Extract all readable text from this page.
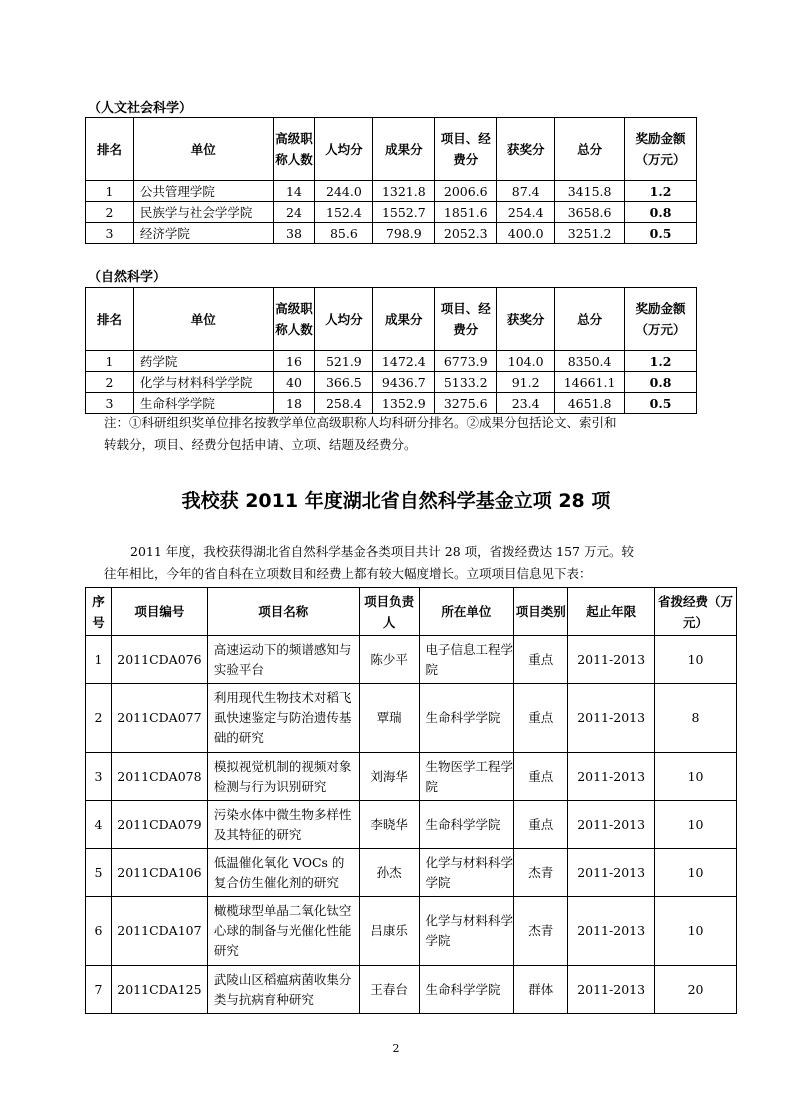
（人文社会科学）
排名	单位	高级职称人数	人均分	成果分	项目、经费分	获奖分	总分	奖励金额（万元）
1	公共管理学院	14	244.0	1321.8	2006.6	87.4	3415.8	1.2
2	民族学与社会学学院	24	152.4	1552.7	1851.6	254.4	3658.6	0.8
3	经济学院	38	85.6	798.9	2052.3	400.0	3251.2	0.5
（自然科学）
排名	单位	高级职称人数	人均分	成果分	项目、经费分	获奖分	总分	奖励金额（万元）
1	药学院	16	521.9	1472.4	6773.9	104.0	8350.4	1.2
2	化学与材料科学学院	40	366.5	9436.7	5133.2	91.2	14661.1	0.8
3	生命科学学院	18	258.4	1352.9	3275.6	23.4	4651.8	0.5
注：①科研组织奖单位排名按教学单位高级职称人均科研分排名。②成果分包括论文、索引和
转载分，项目、经费分包括申请、立项、结题及经费分。
我校获 2011 年度湖北省自然科学基金立项 28 项
2011 年度，我校获得湖北省自然科学基金各类项目共计 28 项，省拨经费达 157 万元。较
往年相比，今年的省自科在立项数目和经费上都有较大幅度增长。立项项目信息见下表：
序号	项目编号	项目名称	项目负责人	所在单位	项目类别	起止年限	省拨经费（万元）
1	2011CDA076	高速运动下的频谱感知与实验平台	陈少平	电子信息工程学院	重点	2011-2013	10
2	2011CDA077	利用现代生物技术对稻飞虱快速鉴定与防治遗传基础的研究	覃瑞	生命科学学院	重点	2011-2013	8
3	2011CDA078	模拟视觉机制的视频对象检测与行为识别研究	刘海华	生物医学工程学院	重点	2011-2013	10
4	2011CDA079	污染水体中微生物多样性及其特征的研究	李晓华	生命科学学院	重点	2011-2013	10
5	2011CDA106	低温催化氧化 VOCs 的复合仿生催化剂的研究	孙杰	化学与材料科学学院	杰青	2011-2013	10
6	2011CDA107	橄榄球型单晶二氧化钛空心球的制备与光催化性能研究	吕康乐	化学与材料科学学院	杰青	2011-2013	10
7	2011CDA125	武陵山区稻瘟病菌收集分类与抗病育种研究	王春台	生命科学学院	群体	2011-2013	20
2
